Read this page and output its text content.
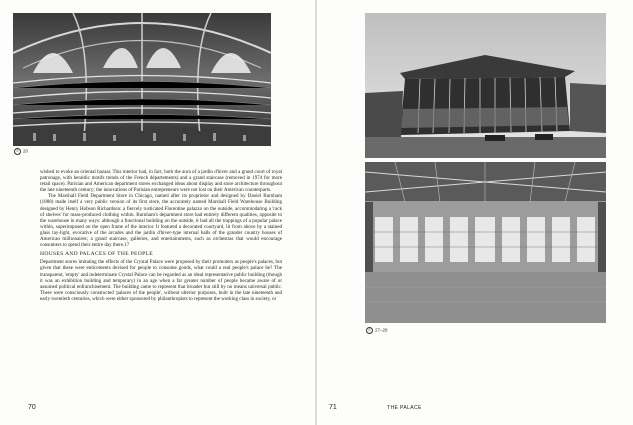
© 20

wished to evoke an oriental bazaar. This interior had, in fact, both the aura of a jardin d'hiver and a grand court of royal patronage, with heraldic motifs trends of the French départements) and a grand staircase (removed in 1974 for more retail space). Parisian and American department stores exchanged ideas about display and store architecture throughout the late nineteenth century; the innovations of Parisian entrepreneurs were not lost on their American counterparts.

The Marshall Field Department Store in Chicago, named after its proprietor and designed by Daniel Burnham (1888) made itself a very public version of its first store, the accurately named Marshall Field Warehouse Building designed by Henry Hobson Richardson: a fiercely rusticated Florentine palazzo on the outside, accommodating a 'rack of shelves' for mass-produced clothing within. Burnham's department store had entirely different qualities, opposite to the warehouse in many ways: although a functional building on the outside, it had all the trappings of a popular palace within, superimposed on the open frame of the interior. It featured a decorated courtyard, lit from above by a stained glass lay-light, evocative of the arcades and the jardin d'hiver-type internal halls of the grander country houses of American millionaires; a grand staircase, galleries, and entertainments, such as orchestras that would encourage consumers to spend their entire day there.17

HOUSES AND PALACES OF THE PEOPLE

Department stores imitating the effects of the Crystal Palace were proposed by their promoters as people's palaces, but given that these were enticements devised for people to consume goods, what could a real people's palace be? The transparent, 'empty' and indeterminate Crystal Palace can be regarded as an ideal representative public building (though it was an exhibition building and temporary) in an age when a far greater number of people became aware of or assumed political enfranchisement. The building came to represent that broader but still by no means universal public. There were consciously constructed 'palaces of the people', without ulterior purposes, built in the late nineteenth and early twentieth centuries, which were either sponsored by philanthropists to represent the working class in society, or

70
© 27–28
71	THE PALACE
